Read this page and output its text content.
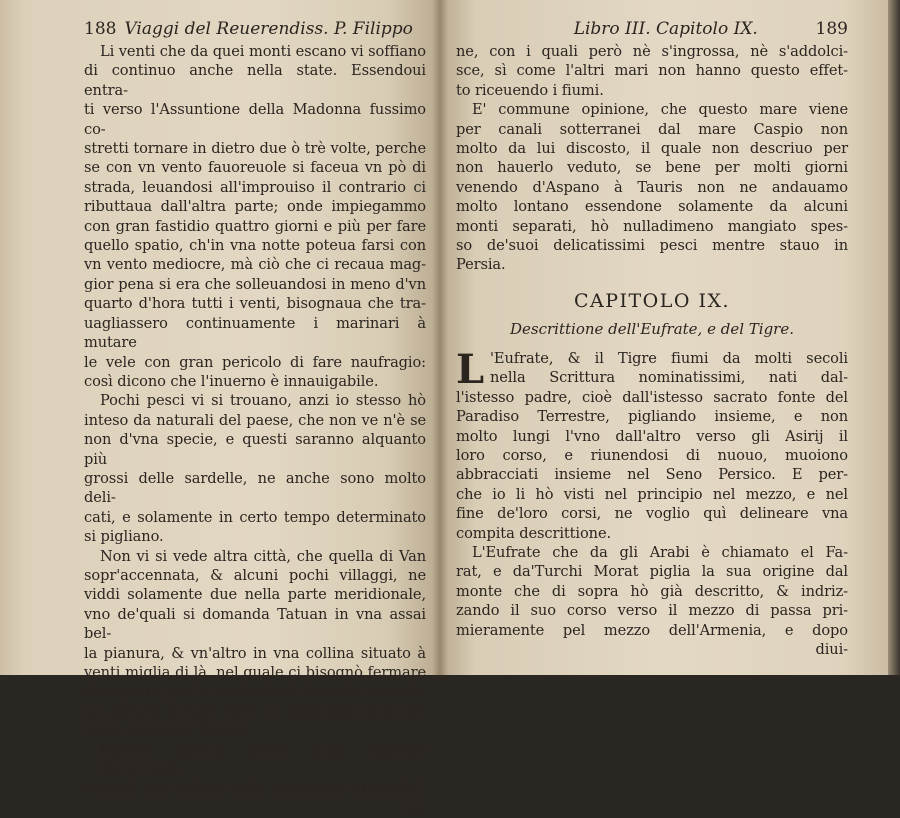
188 Viaggi del Reuerendiss. P. Filippo
Li venti che da quei monti escano vi soffiano
di continuo anche nella state. Essendoui entra-
ti verso l'Assuntione della Madonna fussimo co-
stretti tornare in dietro due ò trè volte, perche
se con vn vento fauoreuole si faceua vn pò di
strada, leuandosi all'improuiso il contrario ci
ributtaua dall'altra parte; onde impiegammo
con gran fastidio quattro giorni e più per fare
quello spatio, ch'in vna notte poteua farsi con
vn vento mediocre, mà ciò che ci recaua mag-
gior pena si era che solleuandosi in meno d'vn
quarto d'hora tutti i venti, bisognaua che tra-
uagliassero continuamente i marinari à mutare
le vele con gran pericolo di fare naufragio:
così dicono che l'inuerno è innauigabile.
Pochi pesci vi si trouano, anzi io stesso hò
inteso da naturali del paese, che non ve n'è se
non d'vna specie, e questi saranno alquanto più
grossi delle sardelle, ne anche sono molto deli-
cati, e solamente in certo tempo determinato
si pigliano.
Non vi si vede altra città, che quella di Van
sopr'accennata, & alcuni pochi villaggi, ne
viddi solamente due nella parte meridionale,
vno de'quali si domanda Tatuan in vna assai bel-
la pianura, & vn'altro in vna collina situato à
venti miglia di là, nel quale ci bisognò fermare
due giorni per la contrarietà de'venti; si vedo-
no ancora alcune ville. Li habitanti sono Ar-
meni, & alcuni Turchi.
Riceue questo mare gran numero de'torrenti,
e riuoli che calano dalle montagne circonuici-
ne,
Libro III. Capitolo IX.	189
ne, con i quali però nè s'ingrossa, nè s'addolci-
sce, sì come l'altri mari non hanno questo effet-
to riceuendo i fiumi.
E' commune opinione, che questo mare viene
per canali sotterranei dal mare Caspio non
molto da lui discosto, il quale non descriuo per
non hauerlo veduto, se bene per molti giorni
venendo d'Aspano à Tauris non ne andauamo
molto lontano essendone solamente da alcuni
monti separati, hò nulladimeno mangiato spes-
so de'suoi delicatissimi pesci mentre stauo in
Persia.
CAPITOLO IX.
Descrittione dell'Eufrate, e del Tigre.
L 'Eufrate, & il Tigre fiumi da molti secoli
nella Scrittura nominatissimi, nati dal-
l'istesso padre, cioè dall'istesso sacrato fonte del
Paradiso Terrestre, pigliando insieme, e non
molto lungi l'vno dall'altro verso gli Asirij il
loro corso, e riunendosi di nuouo, muoiono
abbracciati insieme nel Seno Persico. E per-
che io li hò visti nel principio nel mezzo, e nel
fine de'loro corsi, ne voglio quì delineare vna
compita descrittione.
L'Eufrate che da gli Arabi è chiamato el Fa-
rat, e da'Turchi Morat piglia la sua origine dal
monte che di sopra hò già descritto, & indriz-
zando il suo corso verso il mezzo di passa pri-
mieramente pel mezzo dell'Armenia, e dopo
diui-
